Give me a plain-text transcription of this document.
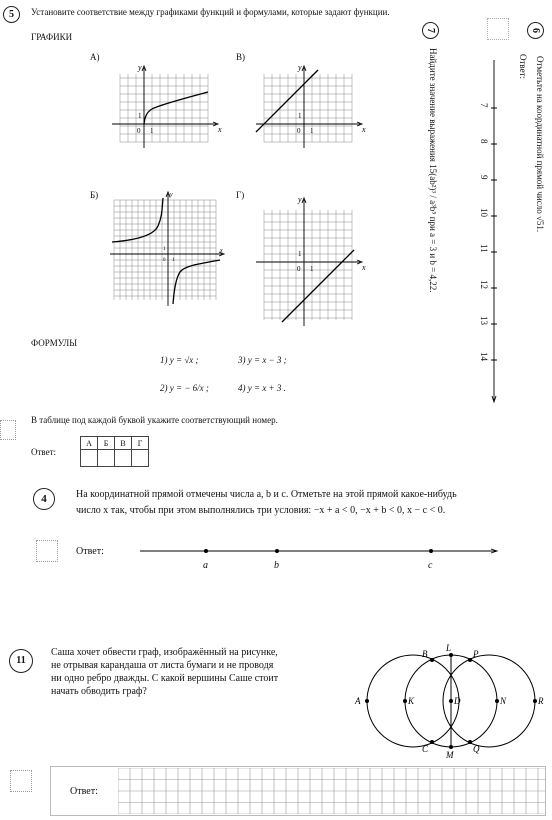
5	Установите соответствие между графиками функций и формулами, которые задают функции.
ГРАФИКИ
А)	В)
Б)	Г)
y
x
0 1
1
y
x
0 1
1
y
x
0 1
1
y
x
0 1
1
ФОРМУЛЫ
1) y = √x ;	3) y = x − 3 ;
2) y = − 6/x ;	4) y = x + 3 .
В таблице под каждой буквой укажите соответствующий номер.
Ответ:
А	Б	В	Г

7
Найдите значение выражения 15(ab²)³ / a³b⁵ при a = 3 и b = 4,22.
6
Отметьте на координатной прямой число √51.
Ответ:
7
8
9
10
11
12
13
14
4	На координатной прямой отмечены числа a, b и c. Отметьте на этой прямой какое-нибудь
число x так, чтобы при этом выполнялись три условия: −x + a < 0, −x + b < 0, x − c < 0.
Ответ:
a	b	c
11
Саша хочет обвести граф, изображённый на рисунке,
не отрывая карандаша от листа бумаги и не проводя
ни одно ребро дважды. С какой вершины Саше стоит
начать обводить граф?
A
B
L
P
R
K	D	N
C
M
Q
Ответ:
